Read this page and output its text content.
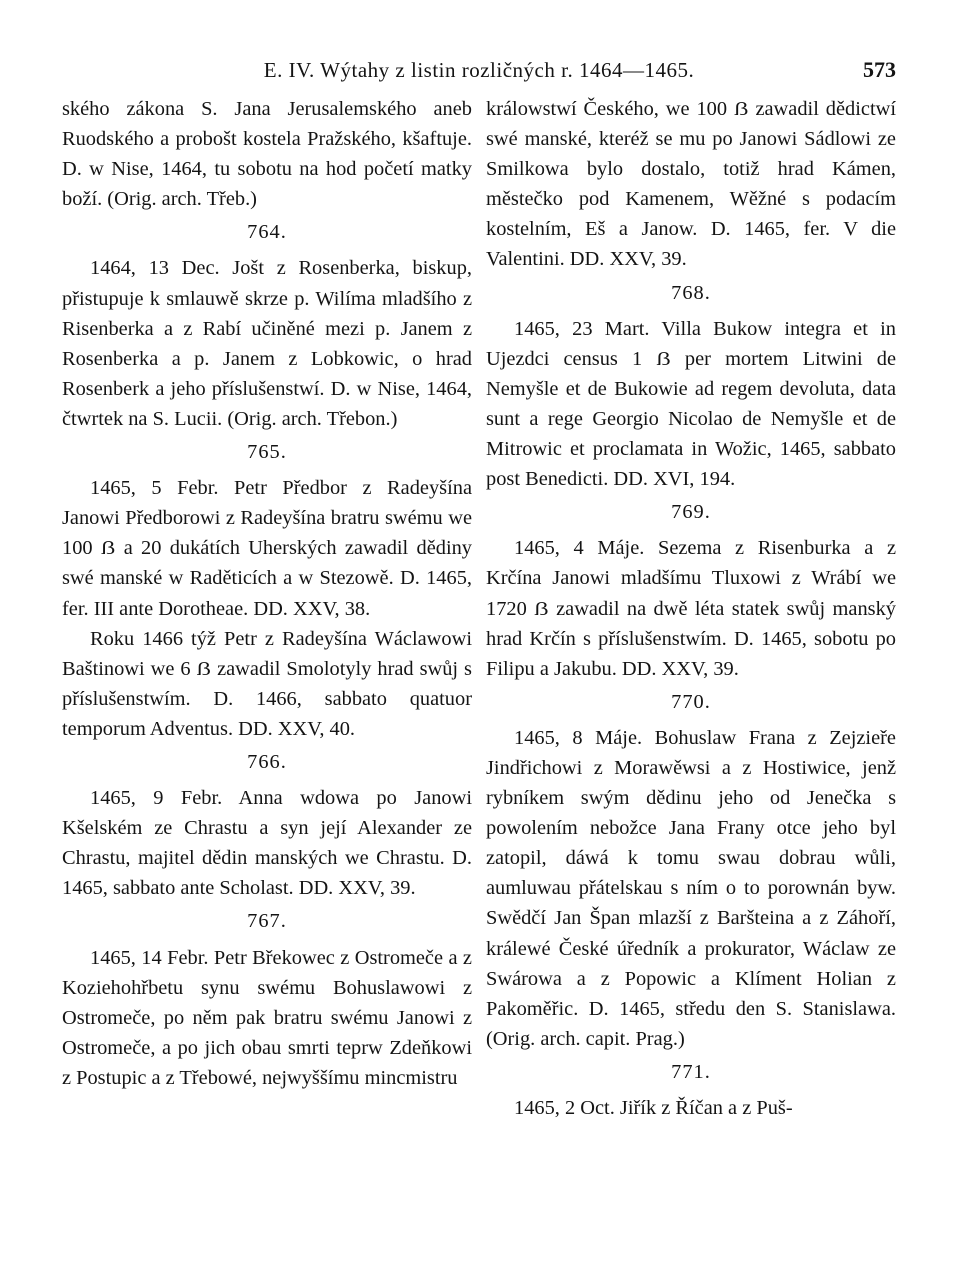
E. IV. Wýtahy z listin rozličných r. 1464—1465.	573

ského zákona S. Jana Jerusalemského aneb Ruodského a probošt kostela Pražského, kšaftuje. D. w Nise, 1464, tu sobotu na hod početí matky boží. (Orig. arch. Třeb.)

764.

1464, 13 Dec. Jošt z Rosenberka, biskup, přistupuje k smlauwě skrze p. Wilíma mladšího z Risenberka a z Rabí učiněné mezi p. Janem z Rosenberka a p. Janem z Lobkowic, o hrad Rosenberk a jeho příslušenstwí. D. w Nise, 1464, čtwrtek na S. Lucii. (Orig. arch. Třebon.)

765.

1465, 5 Febr. Petr Předbor z Radeyšína Janowi Předborowi z Radeyšína bratru swému we 100 ẞ a 20 dukátích Uherských zawadil dědiny swé manské w Raděticích a w Stezowě. D. 1465, fer. III ante Dorotheae. DD. XXV, 38.

Roku 1466 týž Petr z Radeyšína Wáclawowi Baštinowi we 6 ẞ zawadil Smolotyly hrad swůj s příslušenstwím. D. 1466, sabbato quatuor temporum Adventus. DD. XXV, 40.

766.

1465, 9 Febr. Anna wdowa po Janowi Kšelském ze Chrastu a syn její Alexander ze Chrastu, majitel dědin manských we Chrastu. D. 1465, sabbato ante Scholast. DD. XXV, 39.

767.

1465, 14 Febr. Petr Břekowec z Ostromeče a z Koziehohřbetu synu swému Bohuslawowi z Ostromeče, po něm pak bratru swému Janowi z Ostromeče, a po jich obau smrti teprw Zdeňkowi z Postupic a z Třebowé, nejwyššímu mincmistru

králowstwí Českého, we 100 ẞ zawadil dědictwí swé manské, kteréž se mu po Janowi Sádlowi ze Smilkowa bylo dostalo, totiž hrad Kámen, městečko pod Kamenem, Wěžné s podacím kostelním, Eš a Janow. D. 1465, fer. V die Valentini. DD. XXV, 39.

768.

1465, 23 Mart. Villa Bukow integra et in Ujezdci census 1 ẞ per mortem Litwini de Nemyšle et de Bukowie ad regem devoluta, data sunt a rege Georgio Nicolao de Nemyšle et de Mitrowic et proclamata in Wožic, 1465, sabbato post Benedicti. DD. XVI, 194.

769.

1465, 4 Máje. Sezema z Risenburka a z Krčína Janowi mladšímu Tluxowi z Wrábí we 1720 ẞ zawadil na dwě léta statek swůj manský hrad Krčín s příslušenstwím. D. 1465, sobotu po Filipu a Jakubu. DD. XXV, 39.

770.

1465, 8 Máje. Bohuslaw Frana z Zejzieře Jindřichowi z Morawěwsi a z Hostiwice, jenž rybníkem swým dědinu jeho od Jenečka s powolením nebožce Jana Frany otce jeho byl zatopil, dáwá k tomu swau dobrau wůli, aumluwau přátelskau s ním o to porownán byw. Swědčí Jan Špan mlazší z Baršteina a z Záhoří, králewé České úředník a prokurator, Wáclaw ze Swárowa a z Popowic a Klíment Holian z Pakoměřic. D. 1465, středu den S. Stanislawa. (Orig. arch. capit. Prag.)

771.

1465, 2 Oct. Jiřík z Říčan a z Puš-
